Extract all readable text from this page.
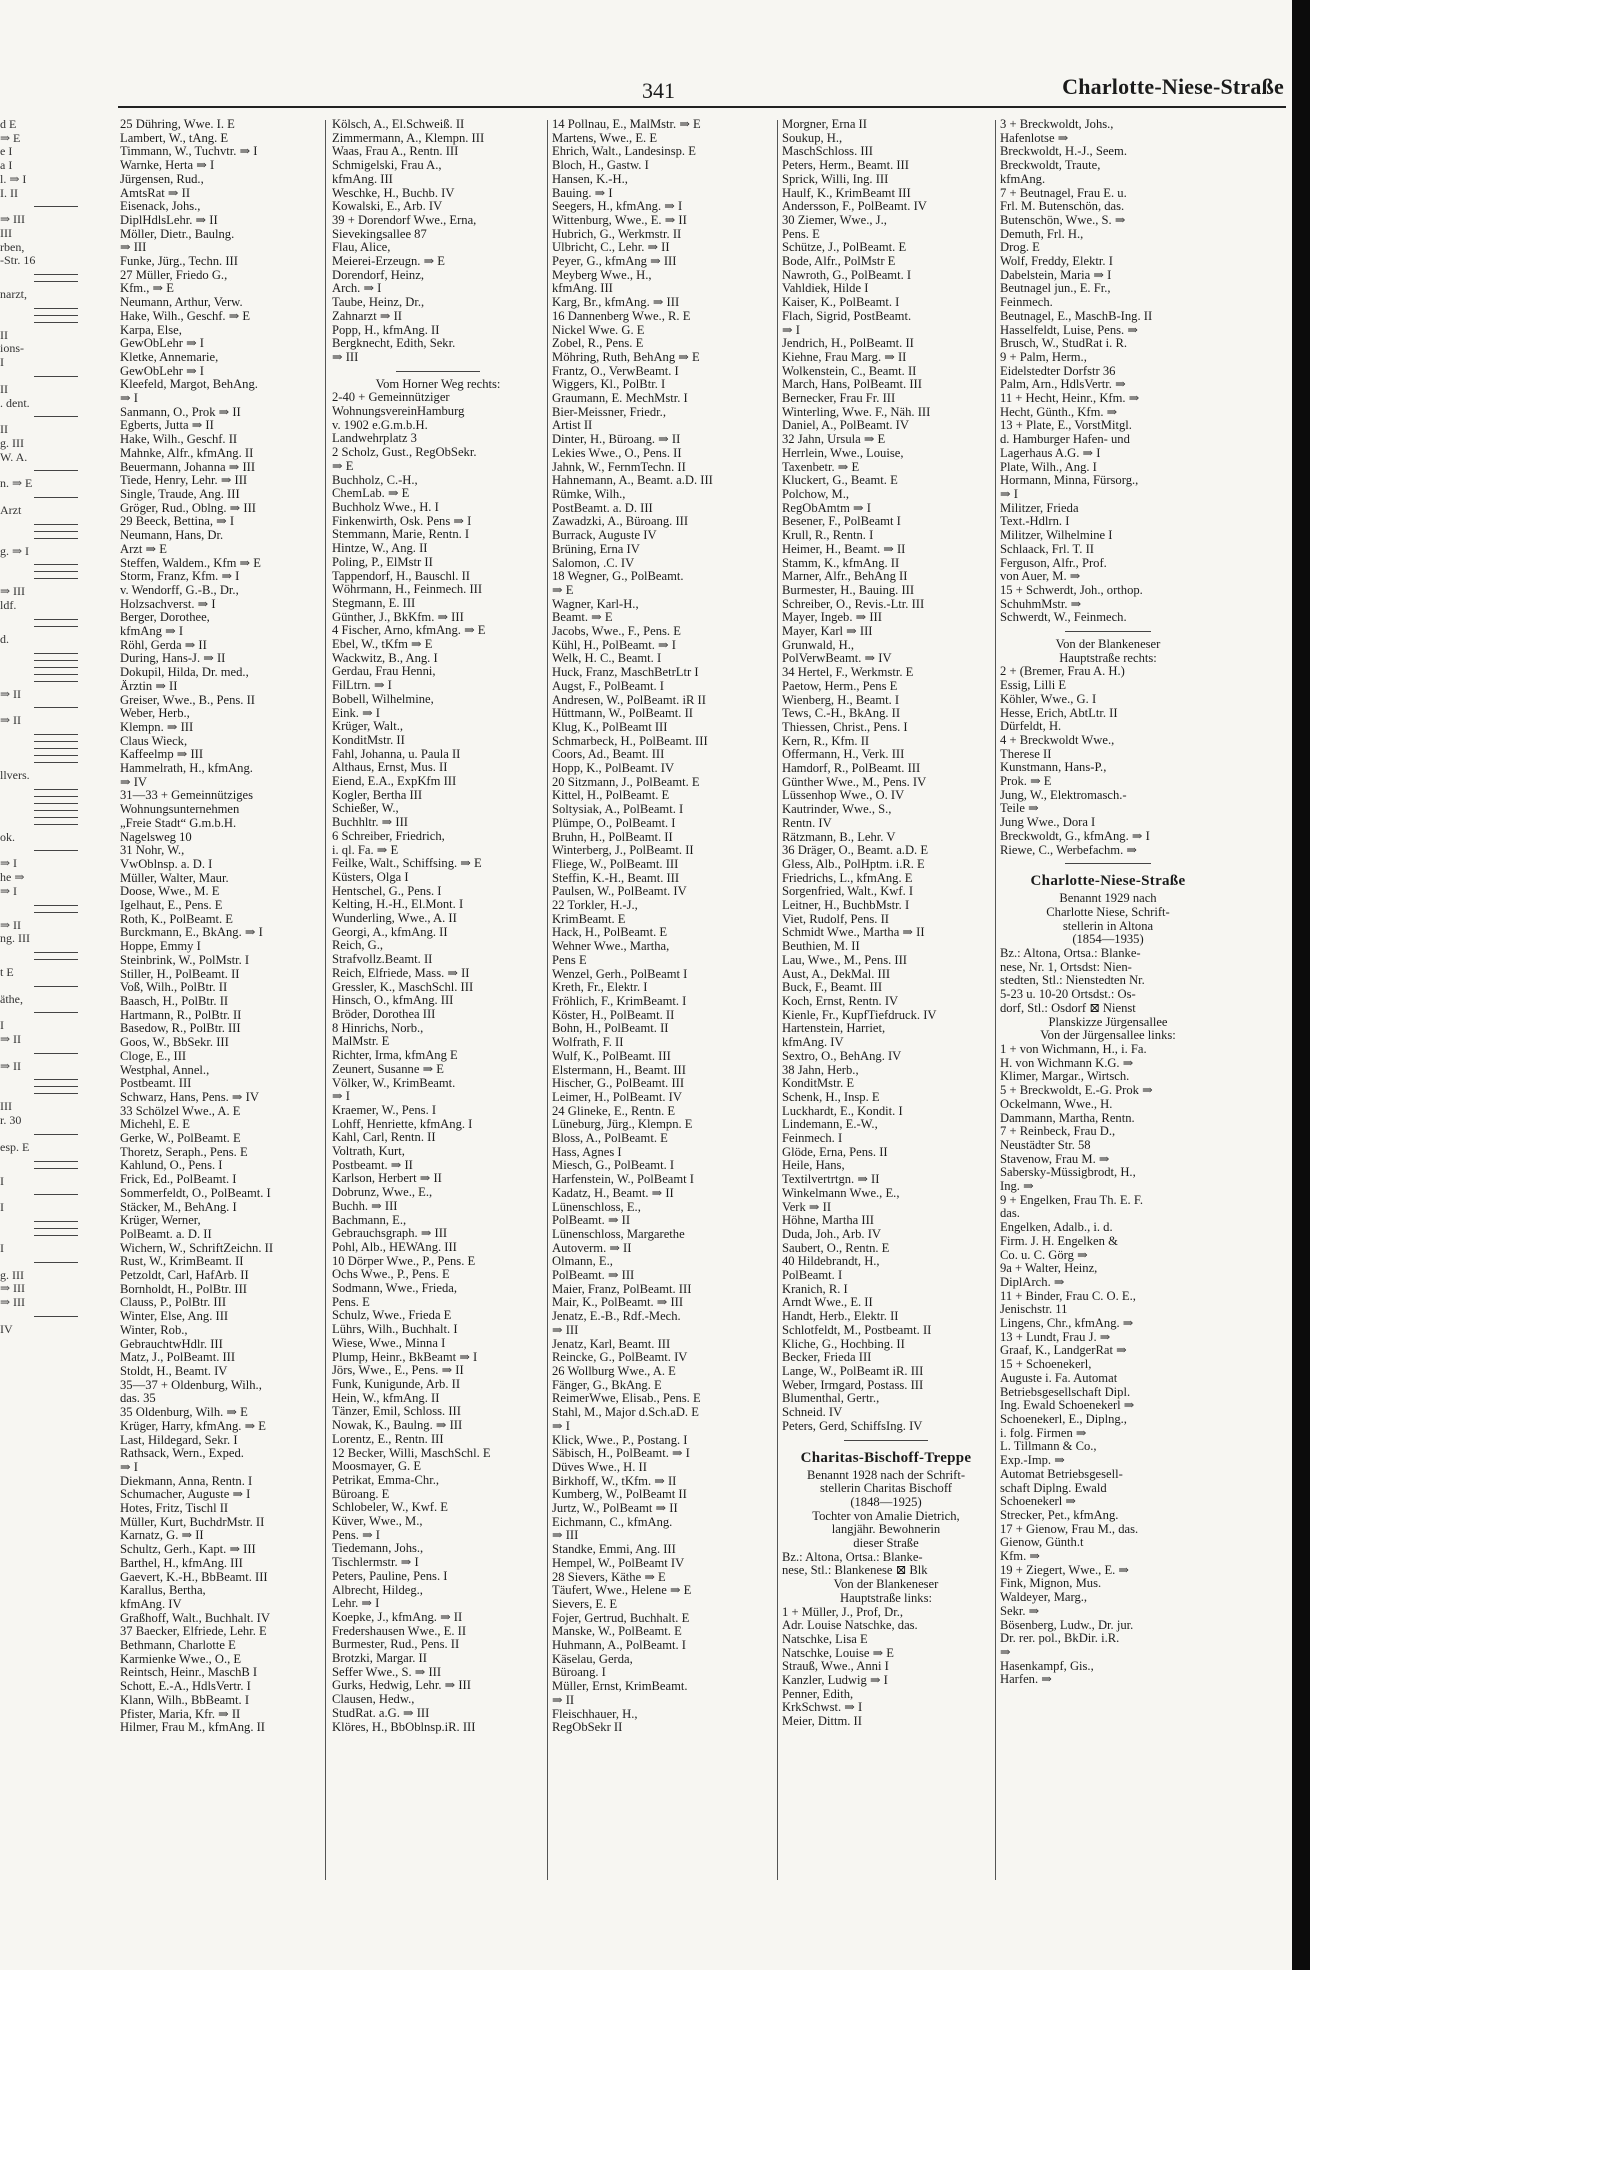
341	Charlotte-Niese-Straße
d E
⇒ E
e I
a I
l. ⇒ I
I. II
⇒ III
III
rben,
-Str. 16
narzt,
II
ions-
I
II
. dent.
II
g. III
W. A.
n. ⇒ E
Arzt
g. ⇒ I
⇒ III
ldf.
d.
⇒ II
⇒ II
llvers.
ok.
⇒ I
he ⇒
⇒ I
⇒ II
ng. III
t E
äthe,
I
⇒ II
⇒ II
III
r. 30
esp. E
I
I
I
g. III
⇒ III
⇒ III
IV
25 Dühring, Wwe. I. E
Lambert, W., tAng. E
Timmann, W., Tuchvtr. ⇒ I
Warnke, Herta ⇒ I
Jürgensen, Rud.,
AmtsRat ⇒ II
Eisenack, Johs.,
DiplHdlsLehr. ⇒ II
Möller, Dietr., Baulng.
⇒ III
Funke, Jürg., Techn. III
27 Müller, Friedo G.,
Kfm., ⇒ E
Neumann, Arthur, Verw.
Hake, Wilh., Geschf. ⇒ E
Karpa, Else,
GewObLehr ⇒ I
Kletke, Annemarie,
GewObLehr ⇒ I
Kleefeld, Margot, BehAng.
⇒ I
Sanmann, O., Prok ⇒ II
Egberts, Jutta ⇒ II
Hake, Wilh., Geschf. II
Mahnke, Alfr., kfmAng. II
Beuermann, Johanna ⇒ III
Tiede, Henry, Lehr. ⇒ III
Single, Traude, Ang. III
Gröger, Rud., Oblng. ⇒ III
29 Beeck, Bettina, ⇒ I
Neumann, Hans, Dr.
Arzt ⇒ E
Steffen, Waldem., Kfm ⇒ E
Storm, Franz, Kfm. ⇒ I
v. Wendorff, G.-B., Dr.,
Holzsachverst. ⇒ I
Berger, Dorothee,
kfmAng ⇒ I
Röhl, Gerda ⇒ II
During, Hans-J. ⇒ II
Dokupil, Hilda, Dr. med.,
Ärztin ⇒ II
Greiser, Wwe., B., Pens. II
Weber, Herb.,
Klempn. ⇒ III
Claus Wieck,
Kaffeelmp ⇒ III
Hammelrath, H., kfmAng.
⇒ IV
31—33 + Gemeinnütziges
Wohnungsunternehmen
„Freie Stadt“ G.m.b.H.
Nagelsweg 10
31 Nohr, W.,
VwOblnsp. a. D. I
Müller, Walter, Maur.
Doose, Wwe., M. E
Igelhaut, E., Pens. E
Roth, K., PolBeamt. E
Burckmann, E., BkAng. ⇒ I
Hoppe, Emmy I
Steinbrink, W., PolMstr. I
Stiller, H., PolBeamt. II
Voß, Wilh., PolBtr. II
Baasch, H., PolBtr. II
Hartmann, R., PolBtr. II
Basedow, R., PolBtr. III
Goos, W., BbSekr. III
Cloge, E., III
Westphal, Annel.,
Postbeamt. III
Schwarz, Hans, Pens. ⇒ IV
33 Schölzel Wwe., A. E
Michehl, E. E
Gerke, W., PolBeamt. E
Thoretz, Seraph., Pens. E
Kahlund, O., Pens. I
Frick, Ed., PolBeamt. I
Sommerfeldt, O., PolBeamt. I
Stäcker, M., BehAng. I
Krüger, Werner,
PolBeamt. a. D. II
Wichern, W., SchriftZeichn. II
Rust, W., KrimBeamt. II
Petzoldt, Carl, HafArb. II
Bornholdt, H., PolBtr. III
Clauss, P., PolBtr. III
Winter, Else, Ang. III
Winter, Rob.,
GebrauchtwHdlr. III
Matz, J., PolBeamt. III
Stoldt, H., Beamt. IV
35—37 + Oldenburg, Wilh.,
das. 35
35 Oldenburg, Wilh. ⇒ E
Krüger, Harry, kfmAng. ⇒ E
Last, Hildegard, Sekr. I
Rathsack, Wern., Exped.
⇒ I
Diekmann, Anna, Rentn. I
Schumacher, Auguste ⇒ I
Hotes, Fritz, Tischl II
Müller, Kurt, BuchdrMstr. II
Karnatz, G. ⇒ II
Schultz, Gerh., Kapt. ⇒ III
Barthel, H., kfmAng. III
Gaevert, K.-H., BbBeamt. III
Karallus, Bertha,
kfmAng. IV
Graßhoff, Walt., Buchhalt. IV
37 Baecker, Elfriede, Lehr. E
Bethmann, Charlotte E
Karmienke Wwe., O., E
Reintsch, Heinr., MaschB I
Schott, E.-A., HdlsVertr. I
Klann, Wilh., BbBeamt. I
Pfister, Maria, Kfr. ⇒ II
Hilmer, Frau M., kfmAng. II
Kölsch, A., El.Schweiß. II
Zimmermann, A., Klempn. III
Waas, Frau A., Rentn. III
Schmigelski, Frau A.,
kfmAng. III
Weschke, H., Buchb. IV
Kowalski, E., Arb. IV
39 + Dorendorf Wwe., Erna,
Sievekingsallee 87
Flau, Alice,
Meierei-Erzeugn. ⇒ E
Dorendorf, Heinz,
Arch. ⇒ I
Taube, Heinz, Dr.,
Zahnarzt ⇒ II
Popp, H., kfmAng. II
Bergknecht, Edith, Sekr.
⇒ III
Vom Horner Weg rechts:
2-40 + Gemeinnütziger
WohnungsvereinHamburg
v. 1902 e.G.m.b.H.
Landwehrplatz 3
2 Scholz, Gust., RegObSekr.
⇒ E
Buchholz, C.-H.,
ChemLab. ⇒ E
Buchholz Wwe., H. I
Finkenwirth, Osk. Pens ⇒ I
Stemmann, Marie, Rentn. I
Hintze, W., Ang. II
Poling, P., ElMstr II
Tappendorf, H., Bauschl. II
Wöhrmann, H., Feinmech. III
Stegmann, E. III
Günther, J., BkKfm. ⇒ III
4 Fischer, Arno, kfmAng. ⇒ E
Ebel, W., tKfm ⇒ E
Wackwitz, B., Ang. I
Gerdau, Frau Henni,
FilLtrn. ⇒ I
Bobell, Wilhelmine,
Eink. ⇒ I
Krüger, Walt.,
KonditMstr. II
Fahl, Johanna, u. Paula II
Althaus, Ernst, Mus. II
Eiend, E.A., ExpKfm III
Kogler, Bertha III
Schießer, W.,
Buchhltr. ⇒ III
6 Schreiber, Friedrich,
i. ql. Fa. ⇒ E
Feilke, Walt., Schiffsing. ⇒ E
Küsters, Olga I
Hentschel, G., Pens. I
Kelting, H.-H., El.Mont. I
Wunderling, Wwe., A. II
Georgi, A., kfmAng. II
Reich, G.,
Strafvollz.Beamt. II
Reich, Elfriede, Mass. ⇒ II
Gressler, K., MaschSchl. III
Hinsch, O., kfmAng. III
Bröder, Dorothea III
8 Hinrichs, Norb.,
MalMstr. E
Richter, Irma, kfmAng E
Zeunert, Susanne ⇒ E
Völker, W., KrimBeamt.
⇒ I
Kraemer, W., Pens. I
Lohff, Henriette, kfmAng. I
Kahl, Carl, Rentn. II
Voltrath, Kurt,
Postbeamt. ⇒ II
Karlson, Herbert ⇒ II
Dobrunz, Wwe., E.,
Buchh. ⇒ III
Bachmann, E.,
Gebrauchsgraph. ⇒ III
Pohl, Alb., HEWAng. III
10 Dörper Wwe., P., Pens. E
Ochs Wwe., P., Pens. E
Sodmann, Wwe., Frieda,
Pens. E
Schulz, Wwe., Frieda E
Lührs, Wilh., Buchhalt. I
Wiese, Wwe., Minna I
Plump, Heinr., BkBeamt ⇒ I
Jörs, Wwe., E., Pens. ⇒ II
Funk, Kunigunde, Arb. II
Hein, W., kfmAng. II
Tänzer, Emil, Schloss. III
Nowak, K., Baulng. ⇒ III
Lorentz, E., Rentn. III
12 Becker, Willi, MaschSchl. E
Moosmayer, G. E
Petrikat, Emma-Chr.,
Büroang. E
Schlobeler, W., Kwf. E
Küver, Wwe., M.,
Pens. ⇒ I
Tiedemann, Johs.,
Tischlermstr. ⇒ I
Peters, Pauline, Pens. I
Albrecht, Hildeg.,
Lehr. ⇒ I
Koepke, J., kfmAng. ⇒ II
Fredershausen Wwe., E. II
Burmester, Rud., Pens. II
Brotzki, Margar. II
Seffer Wwe., S. ⇒ III
Gurks, Hedwig, Lehr. ⇒ III
Clausen, Hedw.,
StudRat. a.G. ⇒ III
Klöres, H., BbOblnsp.iR. III
14 Pollnau, E., MalMstr. ⇒ E
Martens, Wwe., E. E
Ehrich, Walt., Landesinsp. E
Bloch, H., Gastw. I
Hansen, K.-H.,
Bauing. ⇒ I
Seegers, H., kfmAng. ⇒ I
Wittenburg, Wwe., E. ⇒ II
Hubrich, G., Werkmstr. II
Ulbricht, C., Lehr. ⇒ II
Peyer, G., kfmAng ⇒ III
Meyberg Wwe., H.,
kfmAng. III
Karg, Br., kfmAng. ⇒ III
16 Dannenberg Wwe., R. E
Nickel Wwe. G. E
Zobel, R., Pens. E
Möhring, Ruth, BehAng ⇒ E
Frantz, O., VerwBeamt. I
Wiggers, Kl., PolBtr. I
Graumann, E. MechMstr. I
Bier-Meissner, Friedr.,
Artist II
Dinter, H., Büroang. ⇒ II
Lekies Wwe., O., Pens. II
Jahnk, W., FernmTechn. II
Hahnemann, A., Beamt. a.D. III
Rümke, Wilh.,
PostBeamt. a. D. III
Zawadzki, A., Büroang. III
Burrack, Auguste IV
Brüning, Erna IV
Salomon, .C. IV
18 Wegner, G., PolBeamt.
⇒ E
Wagner, Karl-H.,
Beamt. ⇒ E
Jacobs, Wwe., F., Pens. E
Kühl, H., PolBeamt. ⇒ I
Welk, H. C., Beamt. I
Huck, Franz, MaschBetrLtr I
Augst, F., PolBeamt. I
Andresen, W., PolBeamt. iR II
Hüttmann, W., PolBeamt. II
Klug, K., PolBeamt III
Schmarbeck, H., PolBeamt. III
Coors, Ad., Beamt. III
Hopp, K., PolBeamt. IV
20 Sitzmann, J., PolBeamt. E
Kittel, H., PolBeamt. E
Soltysiak, A., PolBeamt. I
Plümpe, O., PolBeamt. I
Bruhn, H., PolBeamt. II
Winterberg, J., PolBeamt. II
Fliege, W., PolBeamt. III
Steffin, K.-H., Beamt. III
Paulsen, W., PolBeamt. IV
22 Torkler, H.-J.,
KrimBeamt. E
Hack, H., PolBeamt. E
Wehner Wwe., Martha,
Pens E
Wenzel, Gerh., PolBeamt I
Kreth, Fr., Elektr. I
Fröhlich, F., KrimBeamt. I
Köster, H., PolBeamt. II
Bohn, H., PolBeamt. II
Wolfrath, F. II
Wulf, K., PolBeamt. III
Elstermann, H., Beamt. III
Hischer, G., PolBeamt. III
Leimer, H., PolBeamt. IV
24 Glineke, E., Rentn. E
Lüneburg, Jürg., Klempn. E
Bloss, A., PolBeamt. E
Hass, Agnes I
Miesch, G., PolBeamt. I
Harfenstein, W., PolBeamt I
Kadatz, H., Beamt. ⇒ II
Lünenschloss, E.,
PolBeamt. ⇒ II
Lünenschloss, Margarethe
Autoverm. ⇒ II
Olmann, E.,
PolBeamt. ⇒ III
Maier, Franz, PolBeamt. III
Mair, K., PolBeamt. ⇒ III
Jenatz, E.-B., Rdf.-Mech.
⇒ III
Jenatz, Karl, Beamt. III
Reincke, G., PolBeamt. IV
26 Wollburg Wwe., A. E
Fänger, G., BkAng. E
ReimerWwe, Elisab., Pens. E
Stahl, M., Major d.Sch.aD. E
⇒ I
Klick, Wwe., P., Postang. I
Säbisch, H., PolBeamt. ⇒ I
Düves Wwe., H. II
Birkhoff, W., tKfm. ⇒ II
Kumberg, W., PolBeamt II
Jurtz, W., PolBeamt ⇒ II
Eichmann, C., kfmAng.
⇒ III
Standke, Emmi, Ang. III
Hempel, W., PolBeamt IV
28 Sievers, Käthe ⇒ E
Täufert, Wwe., Helene ⇒ E
Sievers, E. E
Fojer, Gertrud, Buchhalt. E
Manske, W., PolBeamt. E
Huhmann, A., PolBeamt. I
Käselau, Gerda,
Büroang. I
Müller, Ernst, KrimBeamt.
⇒ II
Fleischhauer, H.,
RegObSekr II
Morgner, Erna II
Soukup, H.,
MaschSchloss. III
Peters, Herm., Beamt. III
Sprick, Willi, Ing. III
Haulf, K., KrimBeamt III
Andersson, F., PolBeamt. IV
30 Ziemer, Wwe., J.,
Pens. E
Schütze, J., PolBeamt. E
Bode, Alfr., PolMstr E
Nawroth, G., PolBeamt. I
Vahldiek, Hilde I
Kaiser, K., PolBeamt. I
Flach, Sigrid, PostBeamt.
⇒ I
Jendrich, H., PolBeamt. II
Kiehne, Frau Marg. ⇒ II
Wolkenstein, C., Beamt. II
March, Hans, PolBeamt. III
Bernecker, Frau Fr. III
Winterling, Wwe. F., Näh. III
Daniel, A., PolBeamt. IV
32 Jahn, Ursula ⇒ E
Herrlein, Wwe., Louise,
Taxenbetr. ⇒ E
Kluckert, G., Beamt. E
Polchow, M.,
RegObAmtm ⇒ I
Besener, F., PolBeamt I
Krull, R., Rentn. I
Heimer, H., Beamt. ⇒ II
Stamm, K., kfmAng. II
Marner, Alfr., BehAng II
Burmester, H., Bauing. III
Schreiber, O., Revis.-Ltr. III
Mayer, Ingeb. ⇒ III
Mayer, Karl ⇒ III
Grunwald, H.,
PolVerwBeamt. ⇒ IV
34 Hertel, F., Werkmstr. E
Paetow, Herm., Pens E
Wienberg, H., Beamt. I
Tews, C.-H., BkAng. II
Thiessen, Christ., Pens. I
Kern, R., Kfm. II
Offermann, H., Verk. III
Hamdorf, R., PolBeamt. III
Günther Wwe., M., Pens. IV
Lüssenhop Wwe., O. IV
Kautrinder, Wwe., S.,
Rentn. IV
Rätzmann, B., Lehr. V
36 Dräger, O., Beamt. a.D. E
Gless, Alb., PolHptm. i.R. E
Friedrichs, L., kfmAng. E
Sorgenfried, Walt., Kwf. I
Leitner, H., BuchbMstr. I
Viet, Rudolf, Pens. II
Schmidt Wwe., Martha ⇒ II
Beuthien, M. II
Lau, Wwe., M., Pens. III
Aust, A., DekMal. III
Buck, F., Beamt. III
Koch, Ernst, Rentn. IV
Kienle, Fr., KupfTiefdruck. IV
Hartenstein, Harriet,
kfmAng. IV
Sextro, O., BehAng. IV
38 Jahn, Herb.,
KonditMstr. E
Schenk, H., Insp. E
Luckhardt, E., Kondit. I
Lindemann, E.-W.,
Feinmech. I
Glöde, Erna, Pens. II
Heile, Hans,
Textilvertrtgn. ⇒ II
Winkelmann Wwe., E.,
Verk ⇒ II
Höhne, Martha III
Duda, Joh., Arb. IV
Saubert, O., Rentn. E
40 Hildebrandt, H.,
PolBeamt. I
Kranich, R. I
Arndt Wwe., E. II
Handt, Herb., Elektr. II
Schlotfeldt, M., Postbeamt. II
Kliche, G., Hochbing. II
Becker, Frieda III
Lange, W., PolBeamt iR. III
Weber, Irmgard, Postass. III
Blumenthal, Gertr.,
Schneid. IV
Peters, Gerd, SchiffsIng. IV
Charitas-Bischoff-Treppe
Benannt 1928 nach der Schrift-
stellerin Charitas Bischoff
(1848—1925)
Tochter von Amalie Dietrich,
langjähr. Bewohnerin
dieser Straße
Bz.: Altona, Ortsa.: Blanke-
nese, Stl.: Blankenese ⊠ Blk
Von der Blankeneser
Hauptstraße links:
1 + Müller, J., Prof, Dr.,
Adr. Louise Natschke, das.
Natschke, Lisa E
Natschke, Louise ⇒ E
Strauß, Wwe., Anni I
Kanzler, Ludwig ⇒ I
Penner, Edith,
KrkSchwst. ⇒ I
Meier, Dittm. II
3 + Breckwoldt, Johs.,
Hafenlotse ⇒
Breckwoldt, H.-J., Seem.
Breckwoldt, Traute,
kfmAng.
7 + Beutnagel, Frau E. u.
Frl. M. Butenschön, das.
Butenschön, Wwe., S. ⇒
Demuth, Frl. H.,
Drog. E
Wolf, Freddy, Elektr. I
Dabelstein, Maria ⇒ I
Beutnagel jun., E. Fr.,
Feinmech.
Beutnagel, E., MaschB-Ing. II
Hasselfeldt, Luise, Pens. ⇒
Brusch, W., StudRat i. R.
9 + Palm, Herm.,
Eidelstedter Dorfstr 36
Palm, Arn., HdlsVertr. ⇒
11 + Hecht, Heinr., Kfm. ⇒
Hecht, Günth., Kfm. ⇒
13 + Plate, E., VorstMitgl.
d. Hamburger Hafen- und
Lagerhaus A.G. ⇒ I
Plate, Wilh., Ang. I
Hormann, Minna, Fürsorg.,
⇒ I
Militzer, Frieda
Text.-Hdlrn. I
Militzer, Wilhelmine I
Schlaack, Frl. T. II
Ferguson, Alfr., Prof.
von Auer, M. ⇒
15 + Schwerdt, Joh., orthop.
SchuhmMstr. ⇒
Schwerdt, W., Feinmech.
Von der Blankeneser
Hauptstraße rechts:
2 + (Bremer, Frau A. H.)
Essig, Lilli E
Köhler, Wwe., G. I
Hesse, Erich, AbtLtr. II
Dürfeldt, H.
4 + Breckwoldt Wwe.,
Therese II
Kunstmann, Hans-P.,
Prok. ⇒ E
Jung, W., Elektromasch.-
Teile ⇒
Jung Wwe., Dora I
Breckwoldt, G., kfmAng. ⇒ I
Riewe, C., Werbefachm. ⇒
Charlotte-Niese-Straße
Benannt 1929 nach
Charlotte Niese, Schrift-
stellerin in Altona
(1854—1935)
Bz.: Altona, Ortsa.: Blanke-
nese, Nr. 1, Ortsdst: Nien-
stedten, Stl.: Nienstedten Nr.
5-23 u. 10-20 Ortsdst.: Os-
dorf, Stl.: Osdorf ⊠ Nienst
Planskizze Jürgensallee
Von der Jürgensallee links:
1 + von Wichmann, H., i. Fa.
H. von Wichmann K.G. ⇒
Klimer, Margar., Wirtsch.
5 + Breckwoldt, E.-G. Prok ⇒
Ockelmann, Wwe., H.
Dammann, Martha, Rentn.
7 + Reinbeck, Frau D.,
Neustädter Str. 58
Stavenow, Frau M. ⇒
Sabersky-Müssigbrodt, H.,
Ing. ⇒
9 + Engelken, Frau Th. E. F.
das.
Engelken, Adalb., i. d.
Firm. J. H. Engelken &
Co. u. C. Görg ⇒
9a + Walter, Heinz,
DiplArch. ⇒
11 + Binder, Frau C. O. E.,
Jenischstr. 11
Lingens, Chr., kfmAng. ⇒
13 + Lundt, Frau J. ⇒
Graaf, K., LandgerRat ⇒
15 + Schoenekerl,
Auguste i. Fa. Automat
Betriebsgesellschaft Dipl.
Ing. Ewald Schoenekerl ⇒
Schoenekerl, E., Diplng.,
i. folg. Firmen ⇒
L. Tillmann & Co.,
Exp.-Imp. ⇒
Automat Betriebsgesell-
schaft Diplng. Ewald
Schoenekerl ⇒
Strecker, Pet., kfmAng.
17 + Gienow, Frau M., das.
Gienow, Günth.t
Kfm. ⇒
19 + Ziegert, Wwe., E. ⇒
Fink, Mignon, Mus.
Waldeyer, Marg.,
Sekr. ⇒
Bösenberg, Ludw., Dr. jur.
Dr. rer. pol., BkDir. i.R.
⇒
Hasenkampf, Gis.,
Harfen. ⇒
